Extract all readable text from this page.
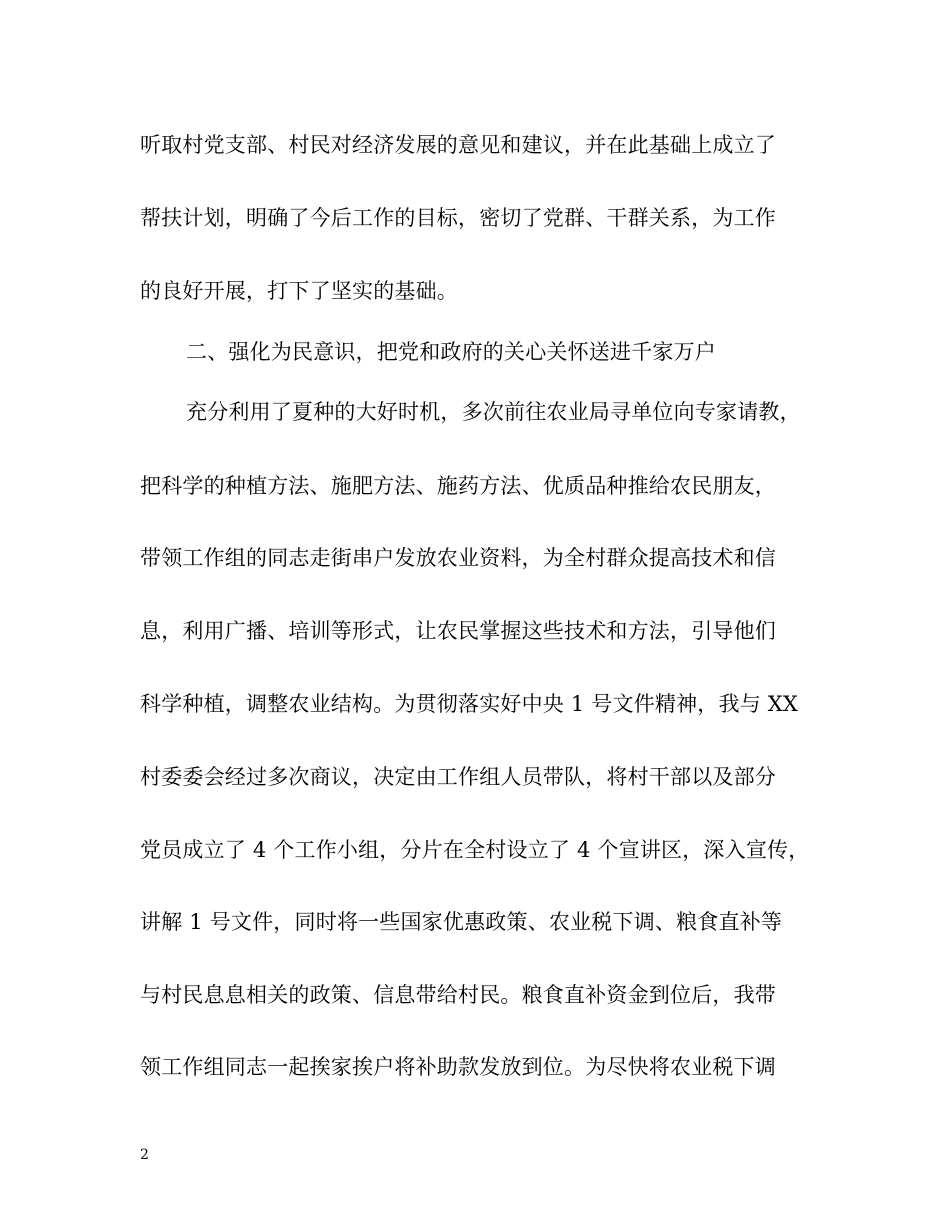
听取村党支部、村民对经济发展的意见和建议，并在此基础上成立了
帮扶计划，明确了今后工作的目标，密切了党群、干群关系，为工作
的良好开展，打下了坚实的基础。
二、强化为民意识，把党和政府的关心关怀送进千家万户
充分利用了夏种的大好时机，多次前往农业局寻单位向专家请教，
把科学的种植方法、施肥方法、施药方法、优质品种推给农民朋友，
带领工作组的同志走街串户发放农业资料，为全村群众提高技术和信
息，利用广播、培训等形式，让农民掌握这些技术和方法，引导他们
科学种植，调整农业结构。为贯彻落实好中央 1 号文件精神，我与 XX
村委委会经过多次商议，决定由工作组人员带队，将村干部以及部分
党员成立了 4 个工作小组，分片在全村设立了 4 个宣讲区，深入宣传，
讲解 1 号文件，同时将一些国家优惠政策、农业税下调、粮食直补等
与村民息息相关的政策、信息带给村民。粮食直补资金到位后，我带
领工作组同志一起挨家挨户将补助款发放到位。为尽快将农业税下调
2
